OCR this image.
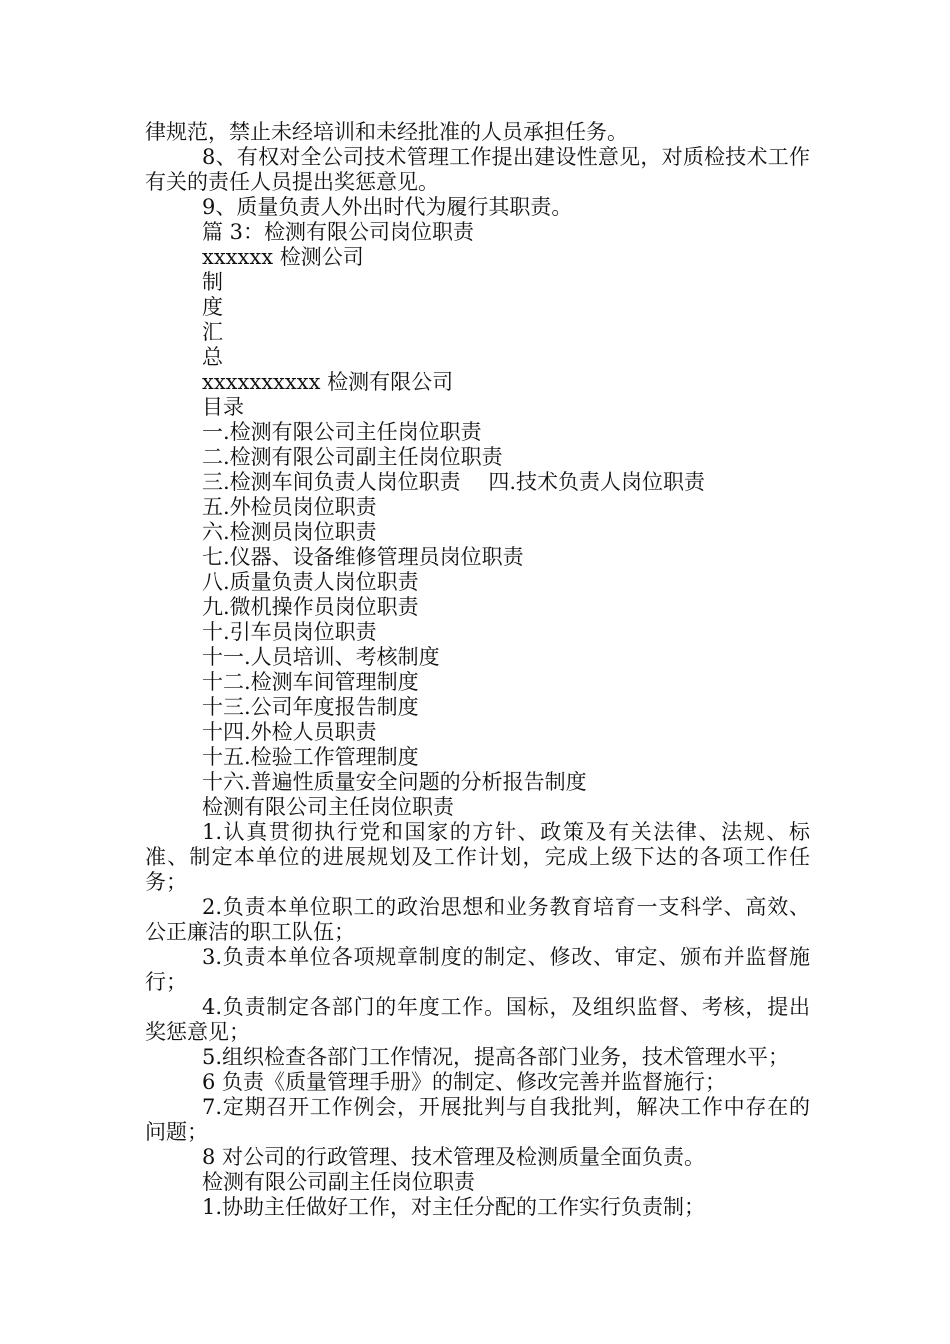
律规范，禁止未经培训和未经批准的人员承担任务。

8、有权对全公司技术管理工作提出建设性意见，对质检技术工作有关的责任人员提出奖惩意见。

9、质量负责人外出时代为履行其职责。

篇 3：检测有限公司岗位职责

xxxxxx 检测公司

制

度

汇

总

xxxxxxxxxx 检测有限公司

目录

一.检测有限公司主任岗位职责

二.检测有限公司副主任岗位职责

三.检测车间负责人岗位职责　 四.技术负责人岗位职责

五.外检员岗位职责

六.检测员岗位职责

七.仪器、设备维修管理员岗位职责

八.质量负责人岗位职责

九.微机操作员岗位职责

十.引车员岗位职责

十一.人员培训、考核制度

十二.检测车间管理制度

十三.公司年度报告制度

十四.外检人员职责

十五.检验工作管理制度

十六.普遍性质量安全问题的分析报告制度

检测有限公司主任岗位职责

1.认真贯彻执行党和国家的方针、政策及有关法律、法规、标准、制定本单位的进展规划及工作计划，完成上级下达的各项工作任务；

2.负责本单位职工的政治思想和业务教育培育一支科学、高效、公正廉洁的职工队伍；

3.负责本单位各项规章制度的制定、修改、审定、颁布并监督施行；

4.负责制定各部门的年度工作。国标，及组织监督、考核，提出奖惩意见；

5.组织检查各部门工作情况，提高各部门业务，技术管理水平；

6 负责《质量管理手册》的制定、修改完善并监督施行；

7.定期召开工作例会，开展批判与自我批判，解决工作中存在的问题；

8 对公司的行政管理、技术管理及检测质量全面负责。

检测有限公司副主任岗位职责

1.协助主任做好工作，对主任分配的工作实行负责制；
